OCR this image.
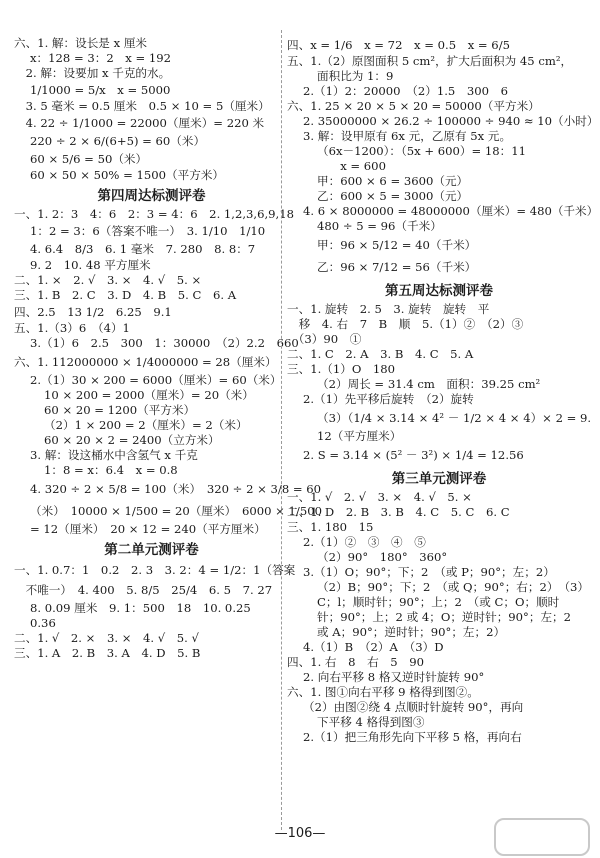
六、1. 解：设长是 x 厘米
x：128 = 3：2　x = 192
　2. 解：设要加 x 千克的水。
1/1000 = 5/x　x = 5000
　3. 5 毫米 = 0.5 厘米　0.5 × 10 = 5（厘米）
　4. 22 ÷ 1/1000 = 22000（厘米）= 220 米
220 ÷ 2 × 6/(6+5) = 60（米）
60 × 5/6 = 50（米）
60 × 50 × 50% = 1500（平方米）
第四周达标测评卷
一、1. 2：3　4：6　2：3 = 4：6　2. 1,2,3,6,9,18
1：2 = 3：6（答案不唯一）　3. 1/10　1/10
4. 6.4　8/3　6. 1 毫米　7. 280　8. 8：7
9. 2　10. 48 平方厘米
二、1. ×　2. √　3. ×　4. √　5. ×
三、1. B　2. C　3. D　4. B　5. C　6. A
四、2.5　13 1/2　6.25　9.1
五、1.（3）6　（4）1
3.（1）6　2.5　300　1：30000　（2）2.2　660
六、1. 112000000 × 1/4000000 = 28（厘米）
2.（1）30 × 200 = 6000（厘米）= 60（米）
10 × 200 = 2000（厘米）= 20（米）
60 × 20 = 1200（平方米）
（2）1 × 200 = 2（厘米）= 2（米）
60 × 20 × 2 = 2400（立方米）
3. 解：设这桶水中含氢气 x 千克
1：8 = x：6.4　x = 0.8
4. 320 ÷ 2 × 5/8 = 100（米）　320 ÷ 2 × 3/8 = 60
（米）　10000 × 1/500 = 20（厘米）　6000 × 1/500
= 12（厘米）　20 × 12 = 240（平方厘米）
第二单元测评卷
一、1. 0.7：1　0.2　2. 3　3. 2：4 = 1/2：1（答案
　不唯一）　4. 400　5. 8/5　25/4　6. 5　7. 27
8. 0.09 厘米　9. 1：500　18　10. 0.25
0.36
二、1. √　2. ×　3. ×　4. √　5. √
三、1. A　2. B　3. A　4. D　5. B
四、x = 1/6　x = 72　x = 0.5　x = 6/5
五、1.（2）原图面积 5 cm²，扩大后面积为 45 cm²，
面积比为 1：9
2.（1）2：20000　（2）1.5　300　6
六、1. 25 × 20 × 5 × 20 = 50000（平方米）
2. 35000000 × 26.2 ÷ 100000 ÷ 940 ≈ 10（小时）
3. 解：设甲原有 6x 元，乙原有 5x 元。
（6x－1200）：（5x + 600）= 18：11
　　x = 600
甲：600 × 6 = 3600（元）
乙：600 × 5 = 3000（元）
4. 6 × 8000000 = 48000000（厘米）= 480（千米）
480 ÷ 5 = 96（千米）
甲：96 × 5/12 = 40（千米）
乙：96 × 7/12 = 56（千米）
第五周达标测评卷
一、1. 旋转　2. 5　3. 旋转　旋转　平
　移　4. 右　7　B　顺　5.（1）②　（2）③
　（3）90　①
二、1. C　2. A　3. B　4. C　5. A
三、1.（1）O　180
（2）周长 = 31.4 cm　面积：39.25 cm²
2.（1）先平移后旋转　（2）旋转
（3）（1/4 × 3.14 × 4² － 1/2 × 4 × 4）× 2 = 9.
12（平方厘米）
2. S = 3.14 × (5² － 3²) × 1/4 = 12.56
第三单元测评卷
一、1. √　2. √　3. ×　4. √　5. ×
二、1. D　2. B　3. B　4. C　5. C　6. C
三、1. 180　15
2.（1）②　③　④　⑤
（2）90°　180°　360°
3.（1）O；90°；下；2　（或 P；90°；左；2）
（2）B；90°；下；2　（或 Q；90°；右；2）　（3）
C；l；顺时针；90°；上；2　（或 C；O；顺时
针；90°；上；2 或 4；O；逆时针；90°；左；2
或 A；90°；逆时针；90°；左；2）
4.（1）B　（2）A　（3）D
四、1. 右　8　右　5　90
2. 向右平移 8 格又逆时针旋转 90°
六、1. 图①向右平移 9 格得到图②。
（2）由图②绕 4 点顺时针旋转 90°，再向
下平移 4 格得到图③
2.（1）把三角形先向下平移 5 格，再向右
—106—
